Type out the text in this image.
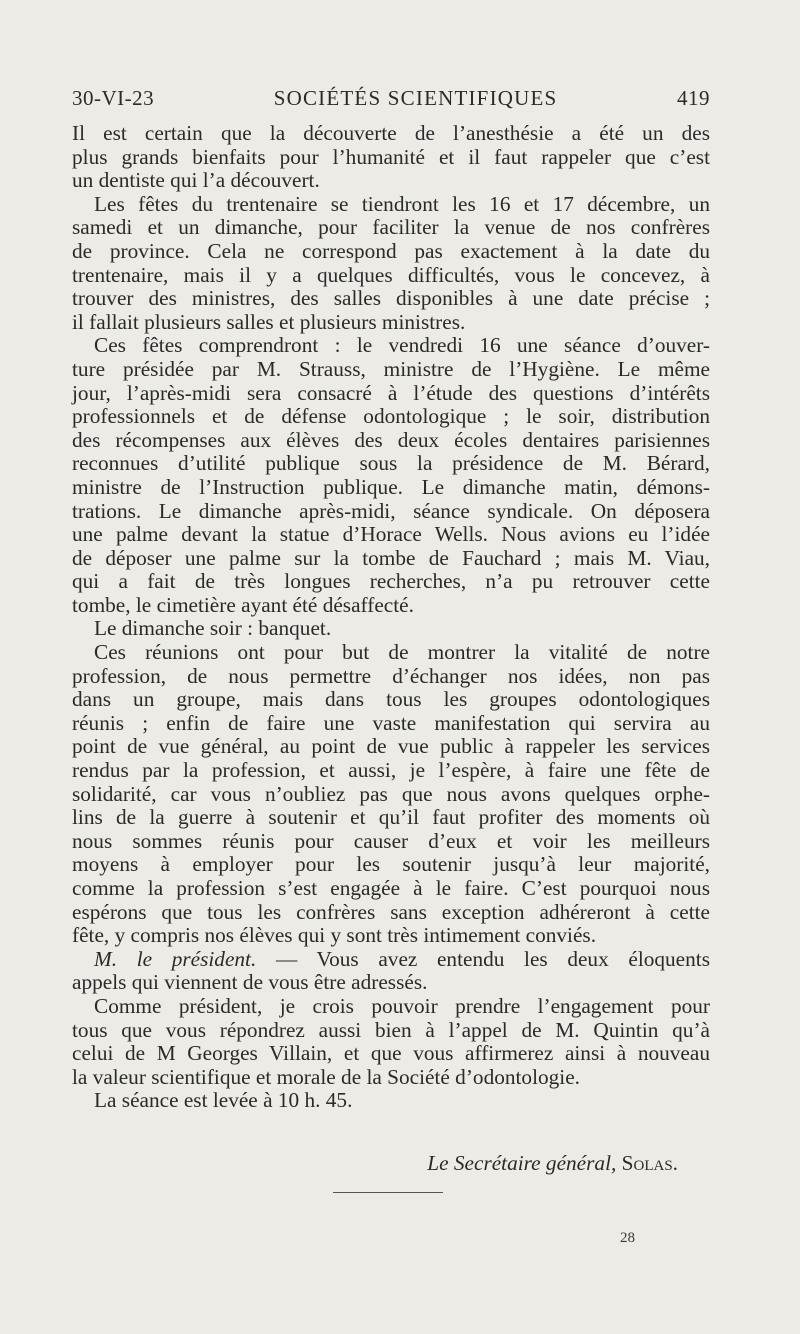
30-VI-23	SOCIÉTÉS SCIENTIFIQUES	419
Il est certain que la découverte de l’anesthésie a été un des
plus grands bienfaits pour l’humanité et il faut rappeler que c’est
un dentiste qui l’a découvert.
Les fêtes du trentenaire se tiendront les 16 et 17 décembre, un
samedi et un dimanche, pour faciliter la venue de nos confrères
de province. Cela ne correspond pas exactement à la date du
trentenaire, mais il y a quelques difficultés, vous le concevez, à
trouver des ministres, des salles disponibles à une date précise ;
il fallait plusieurs salles et plusieurs ministres.
Ces fêtes comprendront : le vendredi 16 une séance d’ouver-
ture présidée par M. Strauss, ministre de l’Hygiène. Le même
jour, l’après-midi sera consacré à l’étude des questions d’intérêts
professionnels et de défense odontologique ; le soir, distribution
des récompenses aux élèves des deux écoles dentaires parisiennes
reconnues d’utilité publique sous la présidence de M. Bérard,
ministre de l’Instruction publique. Le dimanche matin, démons-
trations. Le dimanche après-midi, séance syndicale. On déposera
une palme devant la statue d’Horace Wells. Nous avions eu l’idée
de déposer une palme sur la tombe de Fauchard ; mais M. Viau,
qui a fait de très longues recherches, n’a pu retrouver cette
tombe, le cimetière ayant été désaffecté.
Le dimanche soir : banquet.
Ces réunions ont pour but de montrer la vitalité de notre
profession, de nous permettre d’échanger nos idées, non pas
dans un groupe, mais dans tous les groupes odontologiques
réunis ; enfin de faire une vaste manifestation qui servira au
point de vue général, au point de vue public à rappeler les services
rendus par la profession, et aussi, je l’espère, à faire une fête de
solidarité, car vous n’oubliez pas que nous avons quelques orphe-
lins de la guerre à soutenir et qu’il faut profiter des moments où
nous sommes réunis pour causer d’eux et voir les meilleurs
moyens à employer pour les soutenir jusqu’à leur majorité,
comme la profession s’est engagée à le faire. C’est pourquoi nous
espérons que tous les confrères sans exception adhéreront à cette
fête, y compris nos élèves qui y sont très intimement conviés.
M. le président. — Vous avez entendu les deux éloquents
appels qui viennent de vous être adressés.
Comme président, je crois pouvoir prendre l’engagement pour
tous que vous répondrez aussi bien à l’appel de M. Quintin qu’à
celui de M Georges Villain, et que vous affirmerez ainsi à nouveau
la valeur scientifique et morale de la Société d’odontologie.
La séance est levée à 10 h. 45.
Le Secrétaire général, Solas.
28
